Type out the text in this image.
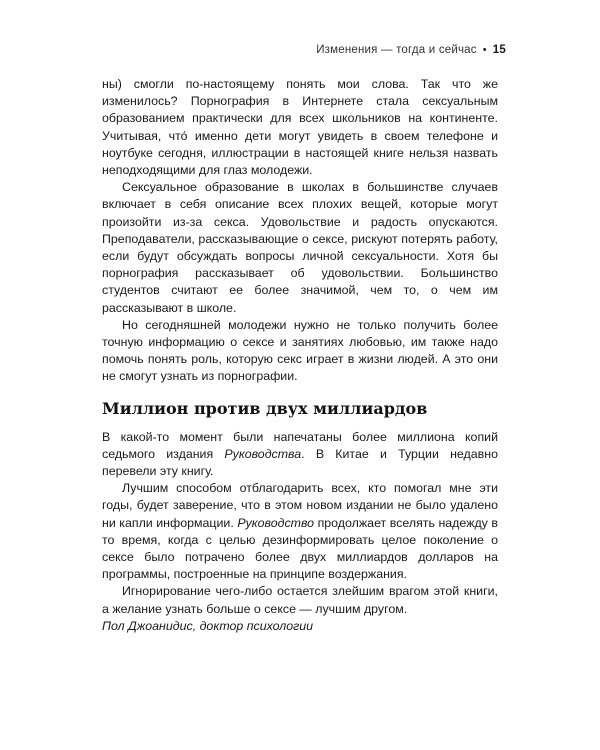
Изменения — тогда и сейчас • 15

ны) смогли по-настоящему понять мои слова. Так что же изменилось? Порнография в Интернете стала сексуальным образованием практически для всех школьников на континенте. Учитывая, что́ именно дети могут увидеть в своем телефоне и ноутбуке сегодня, иллюстрации в настоящей книге нельзя назвать неподходящими для глаз молодежи.

Сексуальное образование в школах в большинстве случаев включает в себя описание всех плохих вещей, которые могут произойти из-за секса. Удовольствие и радость опускаются. Преподаватели, рассказывающие о сексе, рискуют потерять работу, если будут обсуждать вопросы личной сексуальности. Хотя бы порнография рассказывает об удовольствии. Большинство студентов считают ее более значимой, чем то, о чем им рассказывают в школе.

Но сегодняшней молодежи нужно не только получить более точную информацию о сексе и занятиях любовью, им также надо помочь понять роль, которую секс играет в жизни людей. А это они не смогут узнать из порнографии.

Миллион против двух миллиардов

В какой-то момент были напечатаны более миллиона копий седьмого издания Руководства. В Китае и Турции недавно перевели эту книгу.

Лучшим способом отблагодарить всех, кто помогал мне эти годы, будет заверение, что в этом новом издании не было удалено ни капли информации. Руководство продолжает вселять надежду в то время, когда с целью дезинформировать целое поколение о сексе было потрачено более двух миллиардов долларов на программы, построенные на принципе воздержания.

Игнорирование чего-либо остается злейшим врагом этой книги, а желание узнать больше о сексе — лучшим другом.

Пол Джоанидис, доктор психологии
